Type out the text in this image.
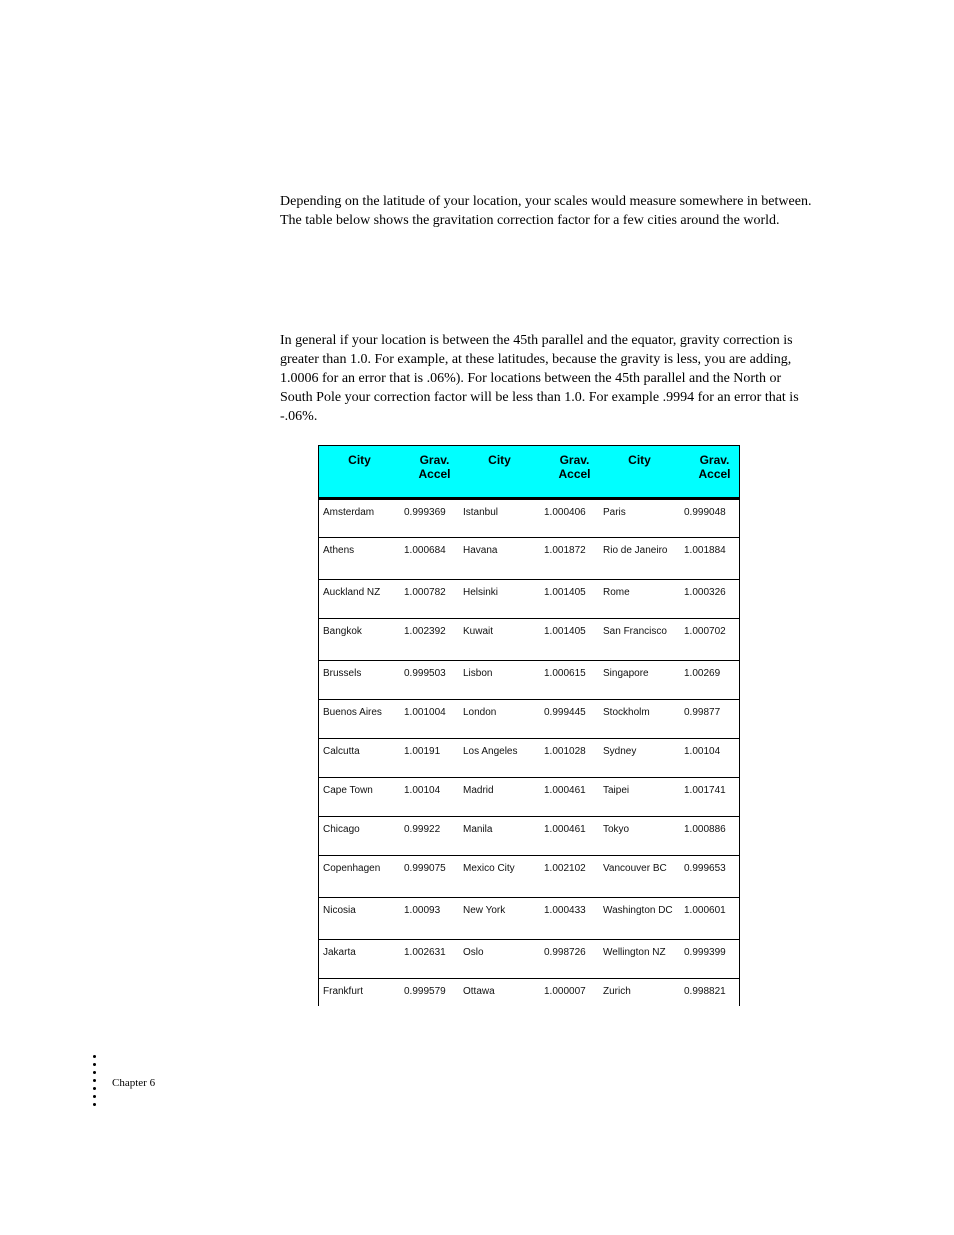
Depending on the latitude of your location, your scales would measure somewhere in between. The table below shows the gravitation correction factor for a few cities around the world.

In general if your location is between the 45th parallel and the equator, gravity correction is greater than 1.0. For example, at these latitudes, because the gravity is less, you are adding, 1.0006 for an error that is .06%). For locations between the 45th parallel and the North or South Pole your correction factor will be less than 1.0. For example .9994 for an error that is -.06%.

City	Grav. Accel	City	Grav. Accel	City	Grav. Accel
Amsterdam	0.999369	Istanbul	1.000406	Paris	0.999048
Athens	1.000684	Havana	1.001872	Rio de Janeiro	1.001884
Auckland NZ	1.000782	Helsinki	1.001405	Rome	1.000326
Bangkok	1.002392	Kuwait	1.001405	San Francisco	1.000702
Brussels	0.999503	Lisbon	1.000615	Singapore	1.00269
Buenos Aires	1.001004	London	0.999445	Stockholm	0.99877
Calcutta	1.00191	Los Angeles	1.001028	Sydney	1.00104
Cape Town	1.00104	Madrid	1.000461	Taipei	1.001741
Chicago	0.99922	Manila	1.000461	Tokyo	1.000886
Copenhagen	0.999075	Mexico City	1.002102	Vancouver BC	0.999653
Nicosia	1.00093	New York	1.000433	Washington DC	1.000601
Jakarta	1.002631	Oslo	0.998726	Wellington NZ	0.999399
Frankfurt	0.999579	Ottawa	1.000007	Zurich	0.998821
Chapter 6
